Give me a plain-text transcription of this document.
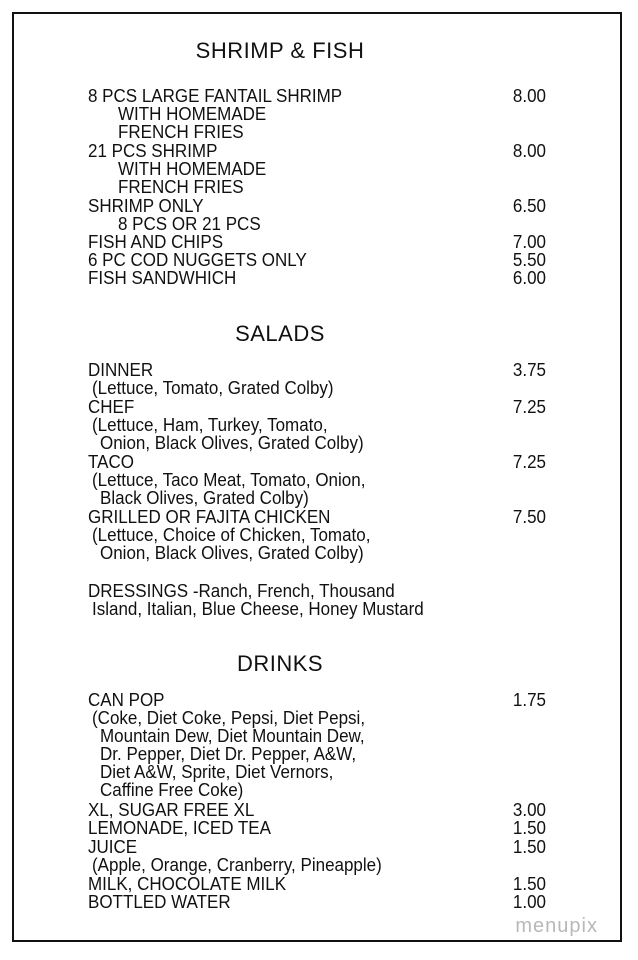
SHRIMP & FISH
8 PCS LARGE FANTAIL SHRIMP	8.00
WITH HOMEMADE
FRENCH FRIES
21 PCS SHRIMP	8.00
WITH HOMEMADE
FRENCH FRIES
SHRIMP ONLY	6.50
8 PCS OR 21 PCS
FISH AND CHIPS	7.00
6 PC COD NUGGETS ONLY	5.50
FISH SANDWHICH	6.00
SALADS
DINNER	3.75
(Lettuce, Tomato, Grated Colby)
CHEF	7.25
(Lettuce, Ham, Turkey, Tomato,
Onion, Black Olives, Grated Colby)
TACO	7.25
(Lettuce, Taco Meat, Tomato, Onion,
Black Olives, Grated Colby)
GRILLED OR FAJITA CHICKEN	7.50
(Lettuce, Choice of Chicken, Tomato,
Onion, Black Olives, Grated Colby)
DRESSINGS -Ranch, French, Thousand
Island, Italian, Blue Cheese, Honey Mustard
DRINKS
CAN POP	1.75
(Coke, Diet Coke, Pepsi, Diet Pepsi,
Mountain Dew, Diet Mountain Dew,
Dr. Pepper, Diet Dr. Pepper, A&W,
Diet A&W, Sprite, Diet Vernors,
Caffine Free Coke)
XL, SUGAR FREE XL	3.00
LEMONADE, ICED TEA	1.50
JUICE	1.50
(Apple, Orange, Cranberry, Pineapple)
MILK, CHOCOLATE MILK	1.50
BOTTLED WATER	1.00
menupix
